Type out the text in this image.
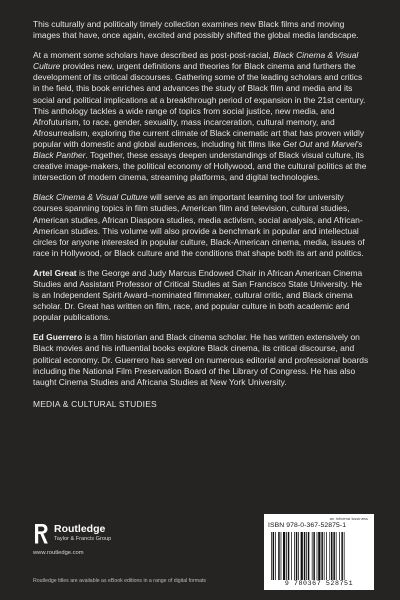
This culturally and politically timely collection examines new Black films and moving images that have, once again, excited and possibly shifted the global media landscape.

At a moment some scholars have described as post-post-racial, Black Cinema & Visual Culture provides new, urgent definitions and theories for Black cinema and furthers the development of its critical discourses. Gathering some of the leading scholars and critics in the field, this book enriches and advances the study of Black film and media and its social and political implications at a breakthrough period of expansion in the 21st century. This anthology tackles a wide range of topics from social justice, new media, and Afrofuturism, to race, gender, sexuality, mass incarceration, cultural memory, and Afrosurrealism, exploring the current climate of Black cinematic art that has proven wildly popular with domestic and global audiences, including hit films like Get Out and Marvel's Black Panther. Together, these essays deepen understandings of Black visual culture, its creative image-makers, the political economy of Hollywood, and the cultural politics at the intersection of modern cinema, streaming platforms, and digital technologies.

Black Cinema & Visual Culture will serve as an important learning tool for university courses spanning topics in film studies, American film and television, cultural studies, American studies, African Diaspora studies, media activism, social analysis, and African-American studies. This volume will also provide a benchmark in popular and intellectual circles for anyone interested in popular culture, Black-American cinema, media, issues of race in Hollywood, or Black culture and the conditions that shape both its art and politics.

Artel Great is the George and Judy Marcus Endowed Chair in African American Cinema Studies and Assistant Professor of Critical Studies at San Francisco State University. He is an Independent Spirit Award–nominated filmmaker, cultural critic, and Black cinema scholar. Dr. Great has written on film, race, and popular culture in both academic and popular publications.

Ed Guerrero is a film historian and Black cinema scholar. He has written extensively on Black movies and his influential books explore Black cinema, its critical discourse, and political economy. Dr. Guerrero has served on numerous editorial and professional boards including the National Film Preservation Board of the Library of Congress. He has also taught Cinema Studies and Africana Studies at New York University.

MEDIA & CULTURAL STUDIES

Routledge
Taylor & Francis Group
www.routledge.com
Routledge titles are available as eBook editions in a range of digital formats
an informa business
ISBN 978-0-367-52875-1
9 780367 528751
